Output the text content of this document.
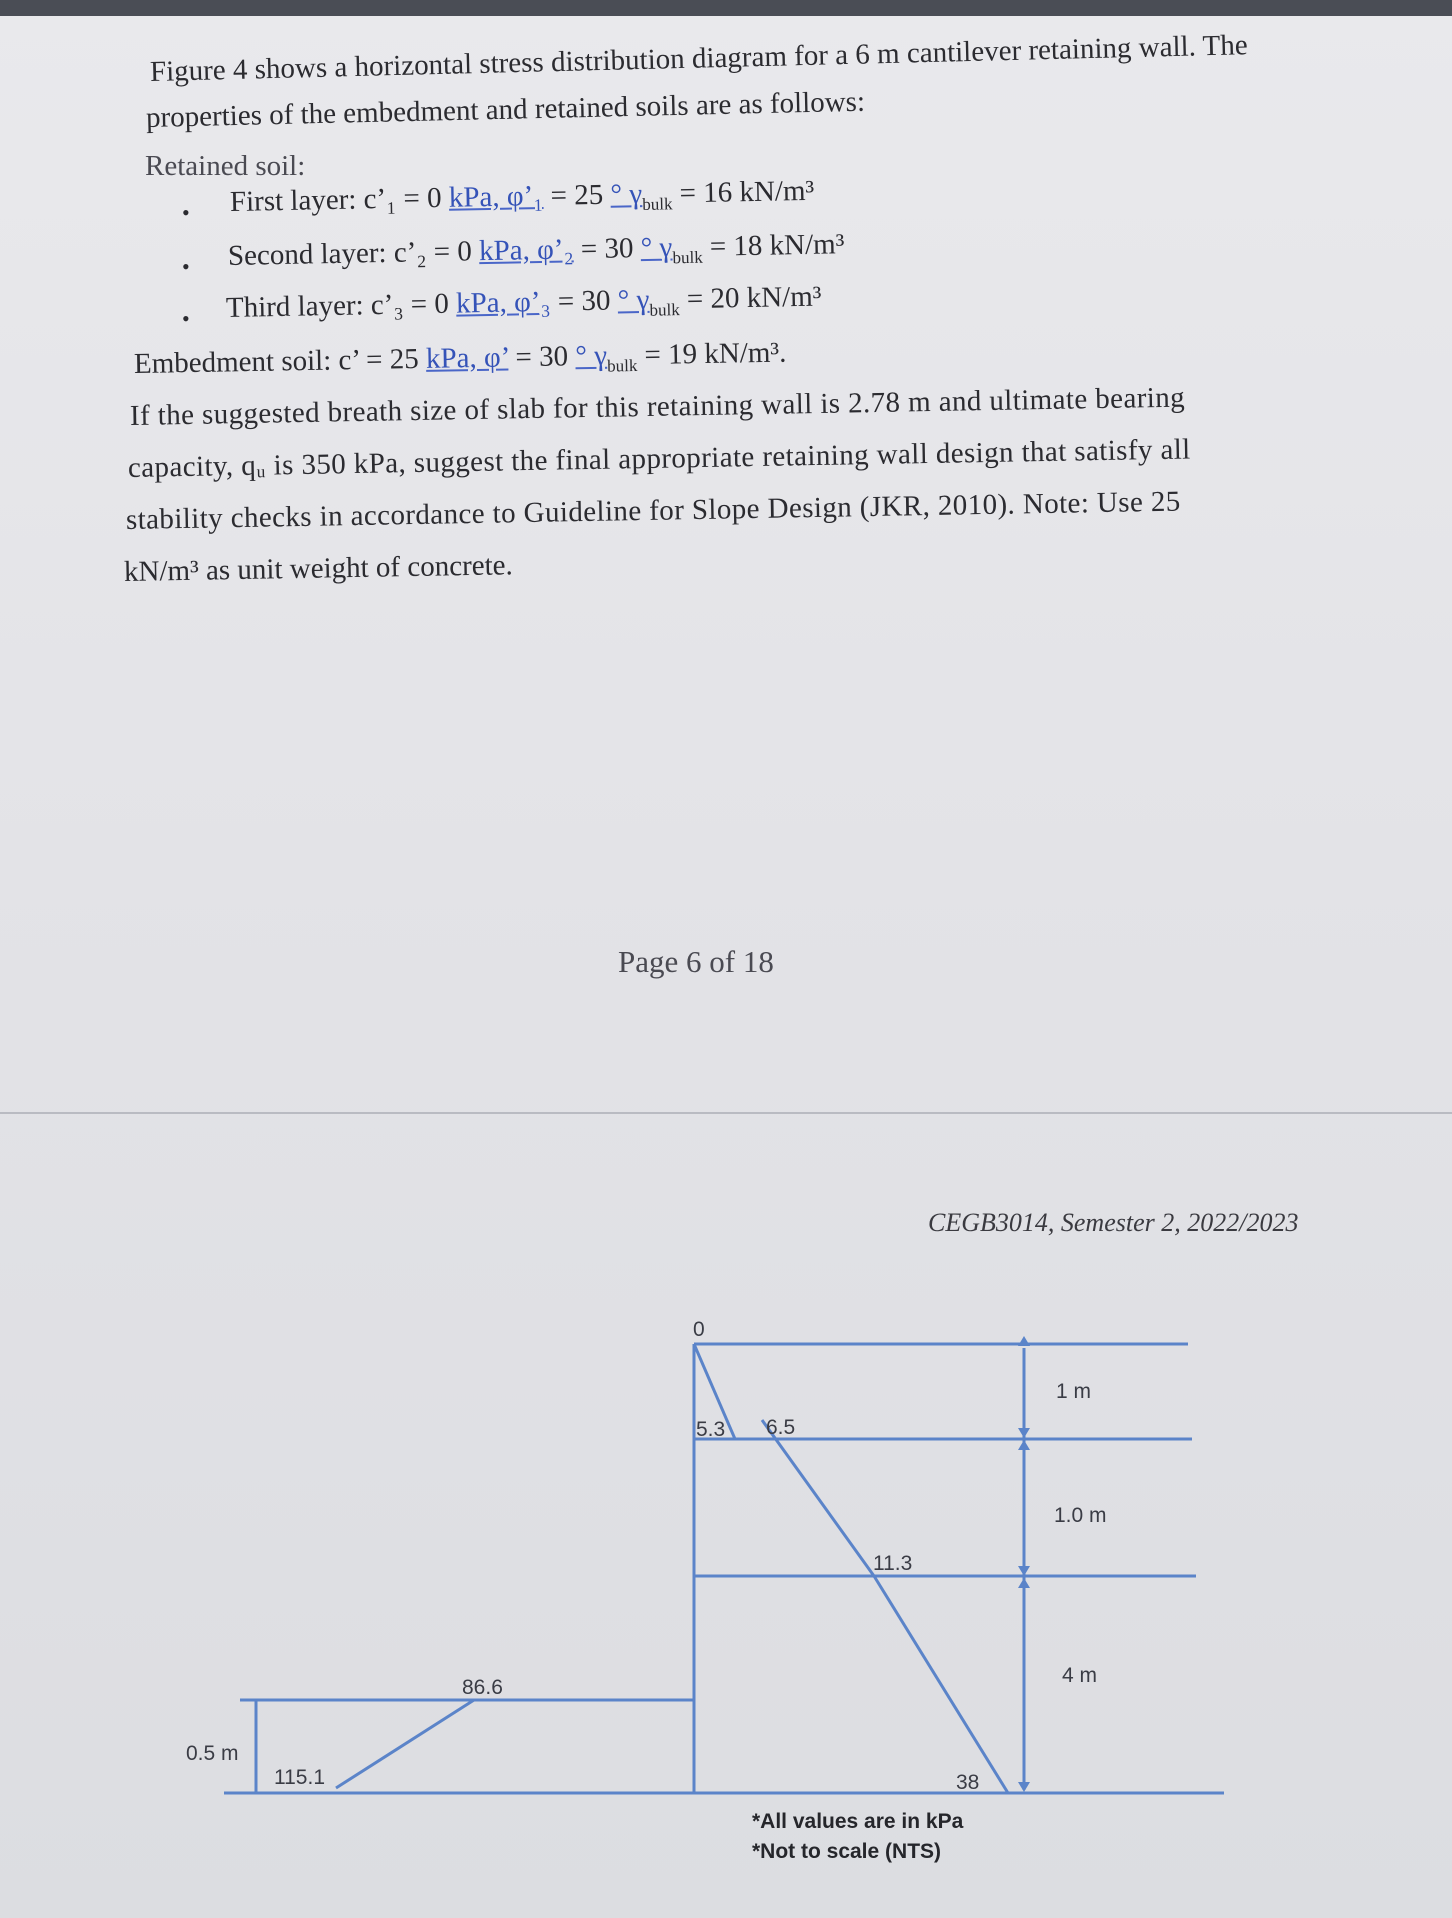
Figure 4 shows a horizontal stress distribution diagram for a 6 m cantilever retaining wall. The
properties of the embedment and retained soils are as follows:
Retained soil:
• First layer: c’₁ = 0 kPa, φ’₁ = 25 ° $\gamma_{bulk} = 16$ kN/m³
• Second layer: c’₂ = 0 kPa, φ’₂ = 30 ° $\gamma_{bulk} = 18$ kN/m³
• Third layer: c’₃ = 0 kPa, φ’₃ = 30 ° $\gamma_{bulk} = 20$ kN/m³
Embedment soil: c’ = 25 kPa, φ’ = 30 ° $\gamma_{bulk} = 19$ kN/m³.
If the suggested breath size of slab for this retaining wall is 2.78 m and ultimate bearing
capacity, qᵤ is 350 kPa, suggest the final appropriate retaining wall design that satisfy all
stability checks in accordance to Guideline for Slope Design (JKR, 2010). Note: Use 25
kN/m³ as unit weight of concrete.
Page 6 of 18
CEGB3014, Semester 2, 2022/2023
0
5.3 6.5
11.3
38
86.6
115.1
0.5 m
1 m
1.0 m
4 m
*All values are in kPa
*Not to scale (NTS)
